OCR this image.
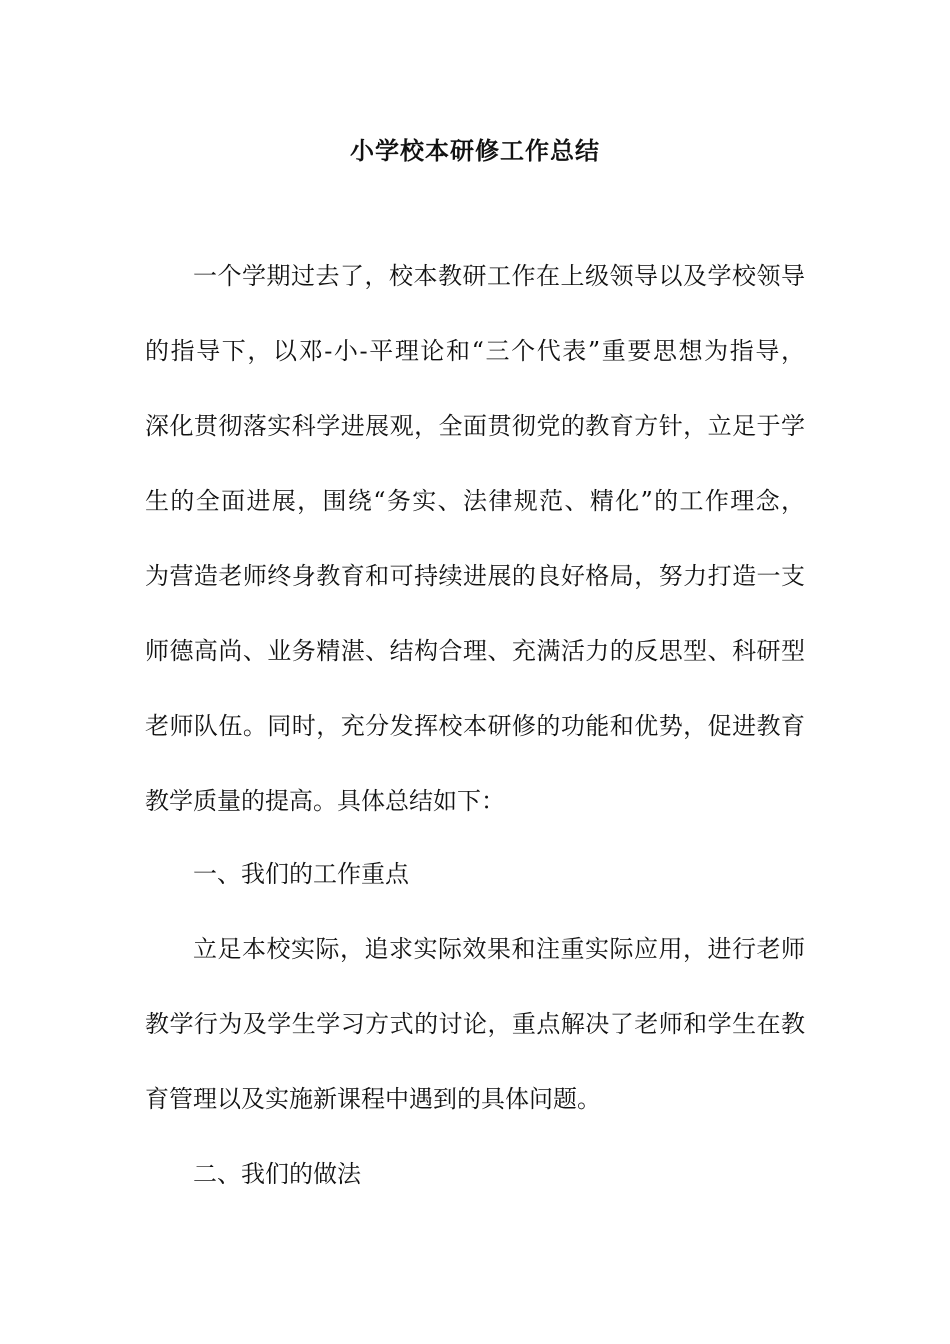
小学校本研修工作总结

一个学期过去了，校本教研工作在上级领导以及学校领导

的指导下，以邓-小-平理论和“三个代表”重要思想为指导，

深化贯彻落实科学进展观，全面贯彻党的教育方针，立足于学

生的全面进展，围绕“务实、法律规范、精化”的工作理念，

为营造老师终身教育和可持续进展的良好格局，努力打造一支

师德高尚、业务精湛、结构合理、充满活力的反思型、科研型

老师队伍。同时，充分发挥校本研修的功能和优势，促进教育

教学质量的提高。具体总结如下：

一、我们的工作重点

立足本校实际，追求实际效果和注重实际应用，进行老师

教学行为及学生学习方式的讨论，重点解决了老师和学生在教

育管理以及实施新课程中遇到的具体问题。

二、我们的做法
